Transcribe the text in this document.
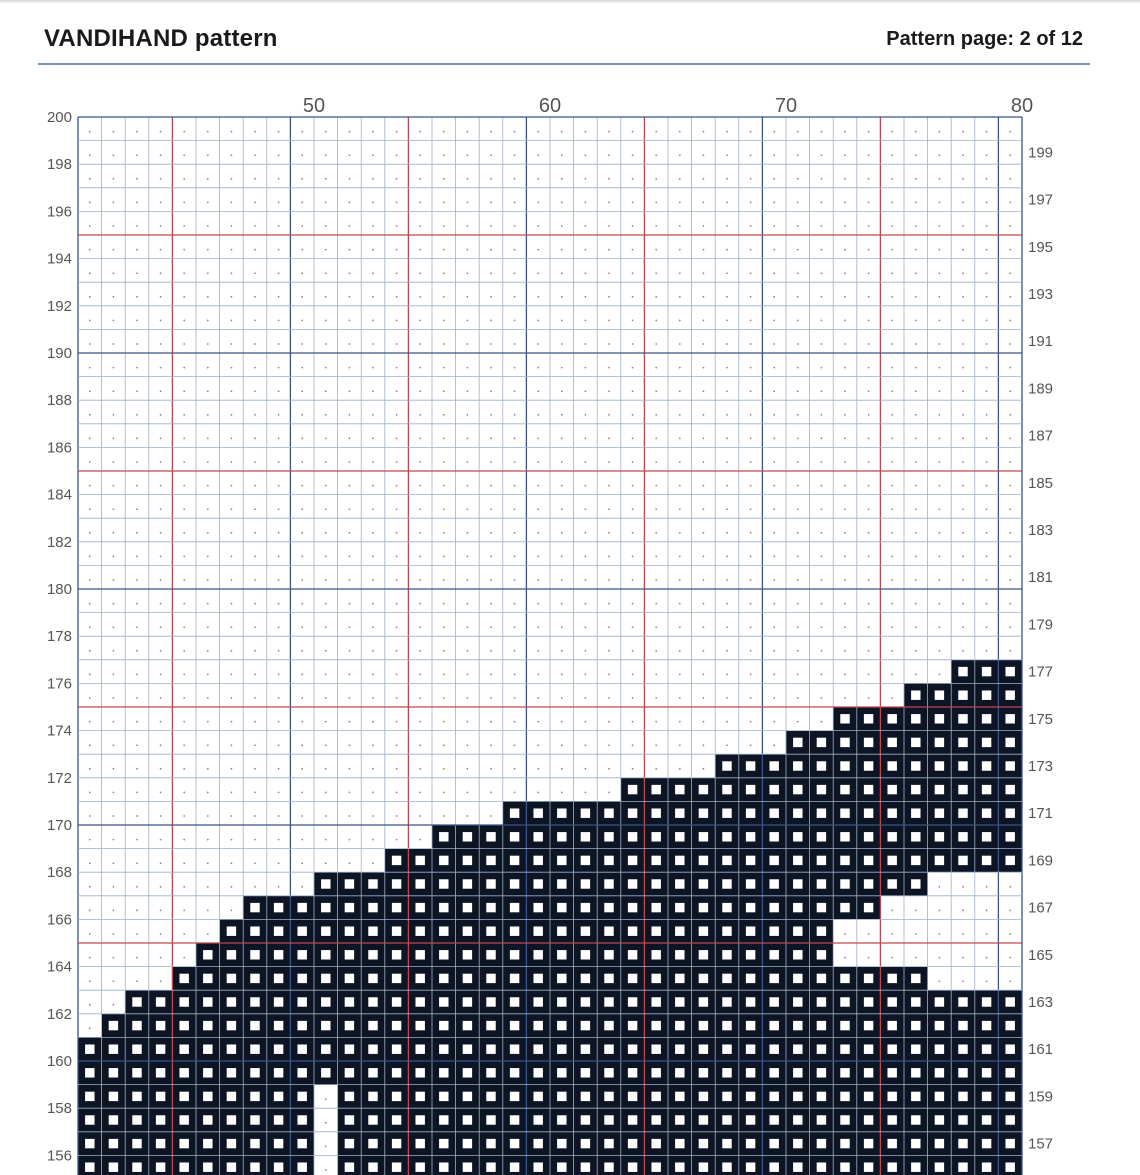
VANDIHAND pattern	Pattern page: 2 of 12
50	60	70	80
200
198
196
194
192
190
188
186
184
182
180
178
176
174
172
170
168
166
164
162
160
158
156
199
197
195
193
191
189
187
185
183
181
179
177
175
173
171
169
167
165
163
161
159
157
